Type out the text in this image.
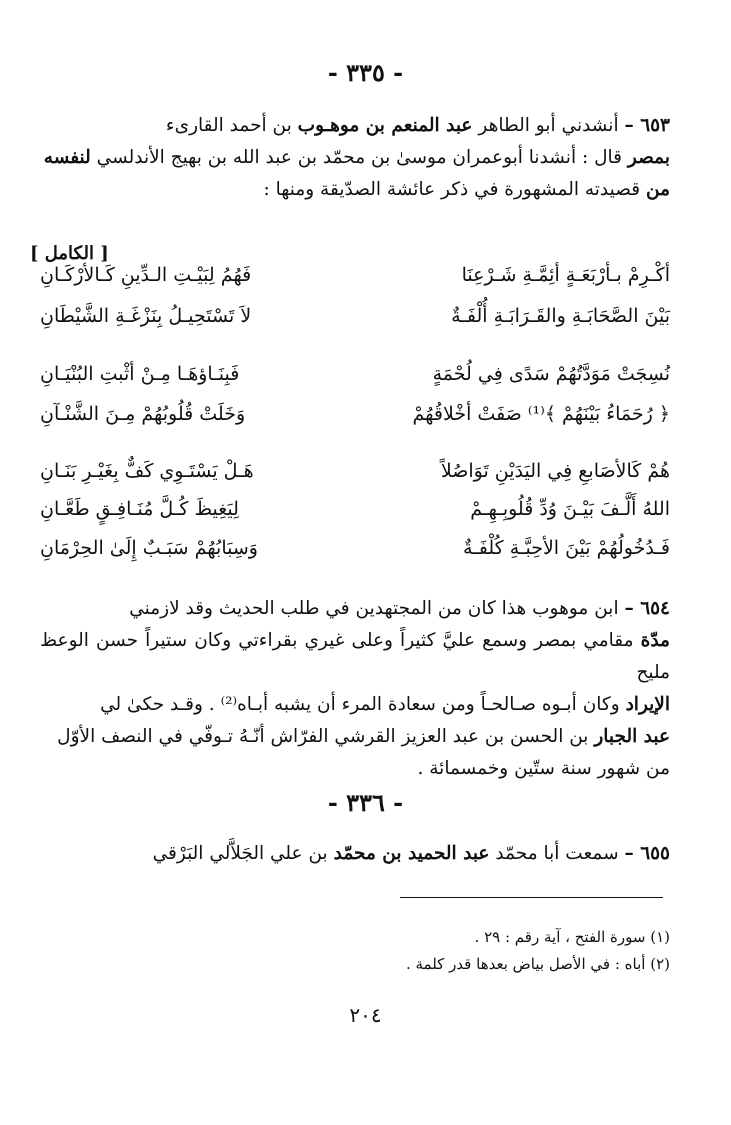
- ٣٣٥ -
٦٥٣ – أنشدني أبو الطاهر عبد المنعم بن موهـوب بن أحمد القارىء
بمصر قال : أنشدنا أبوعمران موسىٰ بن محمّد بن عبد الله بن بهيج الأندلسي لنفسه
من قصيدته المشهورة في ذكر عائشة الصدّيقة ومنها :
[ الكامل ]
أكْـرِمْ بـأرْبَعَـةٍ أئِمَّـةِ شَـرْعِنَا
فَهُمُ لِبَيْـتِ الـدِّينِ كَـالأرْكَـانِ
بَيْنَ الصَّحَابَـةِ والقَـرَابَـةِ أُلْفَـةٌ
لاَ تَسْتَحِيـلُ بِنَزْغَـةِ الشَّيْطَانِ
نُسِجَتْ مَوَدَّتُهُمْ سَدًى فِي لُحْمَةٍ
فَبِنَـاؤهَـا مِـنْ أثْبتِ البُنْيَـانِ
﴿ رُحَمَاءُ بَيْنَهُمْ ﴾⁽¹⁾ صَفَتْ أخْلاقُهُمْ
وَخَلَتْ قُلُوبُهُمْ مِـنَ الشَّنْـآنِ
هُمْ كَالأصَابعِ فِي اليَدَيْنِ تَوَاصُلاً
هَـلْ يَسْتَـوِي كَفٌّ بِغَيْـرِ بَنَـانِ
اللهُ أَلَّـفَ بَيْـنَ وُدِّ قُلُوبِـهِـمْ
لِيَغِيظَ كُـلَّ مُنَـافِـقٍ طَعَّـانِ
فَـدُخُولُهُمْ بَيْنَ الأحِبَّـةِ كُلْفَـةٌ
وَسِبَابُهُمْ سَبَـبٌ إِلَىٰ الحِرْمَانِ
٦٥٤ – ابن موهوب هذا كان من المجتهدين في طلب الحديث وقد لازمني
مدّة مقامي بمصر وسمع عليَّ كثيراً وعلى غيري بقراءتي وكان ستيراً حسن الوعظ مليح
الإيراد وكان أبـوه صـالحـاً ومن سعادة المرء أن يشبه أبـاه⁽²⁾ . وقـد حكىٰ لي
عبد الجبار بن الحسن بن عبد العزيز القرشي الفرّاش أنّـهُ تـوفّي في النصف الأوّل
من شهور سنة ستّين وخمسمائة .
- ٣٣٦ -
٦٥٥ – سمعت أبا محمّد عبد الحميد بن محمّد بن علي الجَلاَّلي البَرْقي
(١) سورة الفتح ، آية رقم : ٢٩ .
(٢) أباه : في الأصل بياض بعدها قدر كلمة .
٢٠٤
